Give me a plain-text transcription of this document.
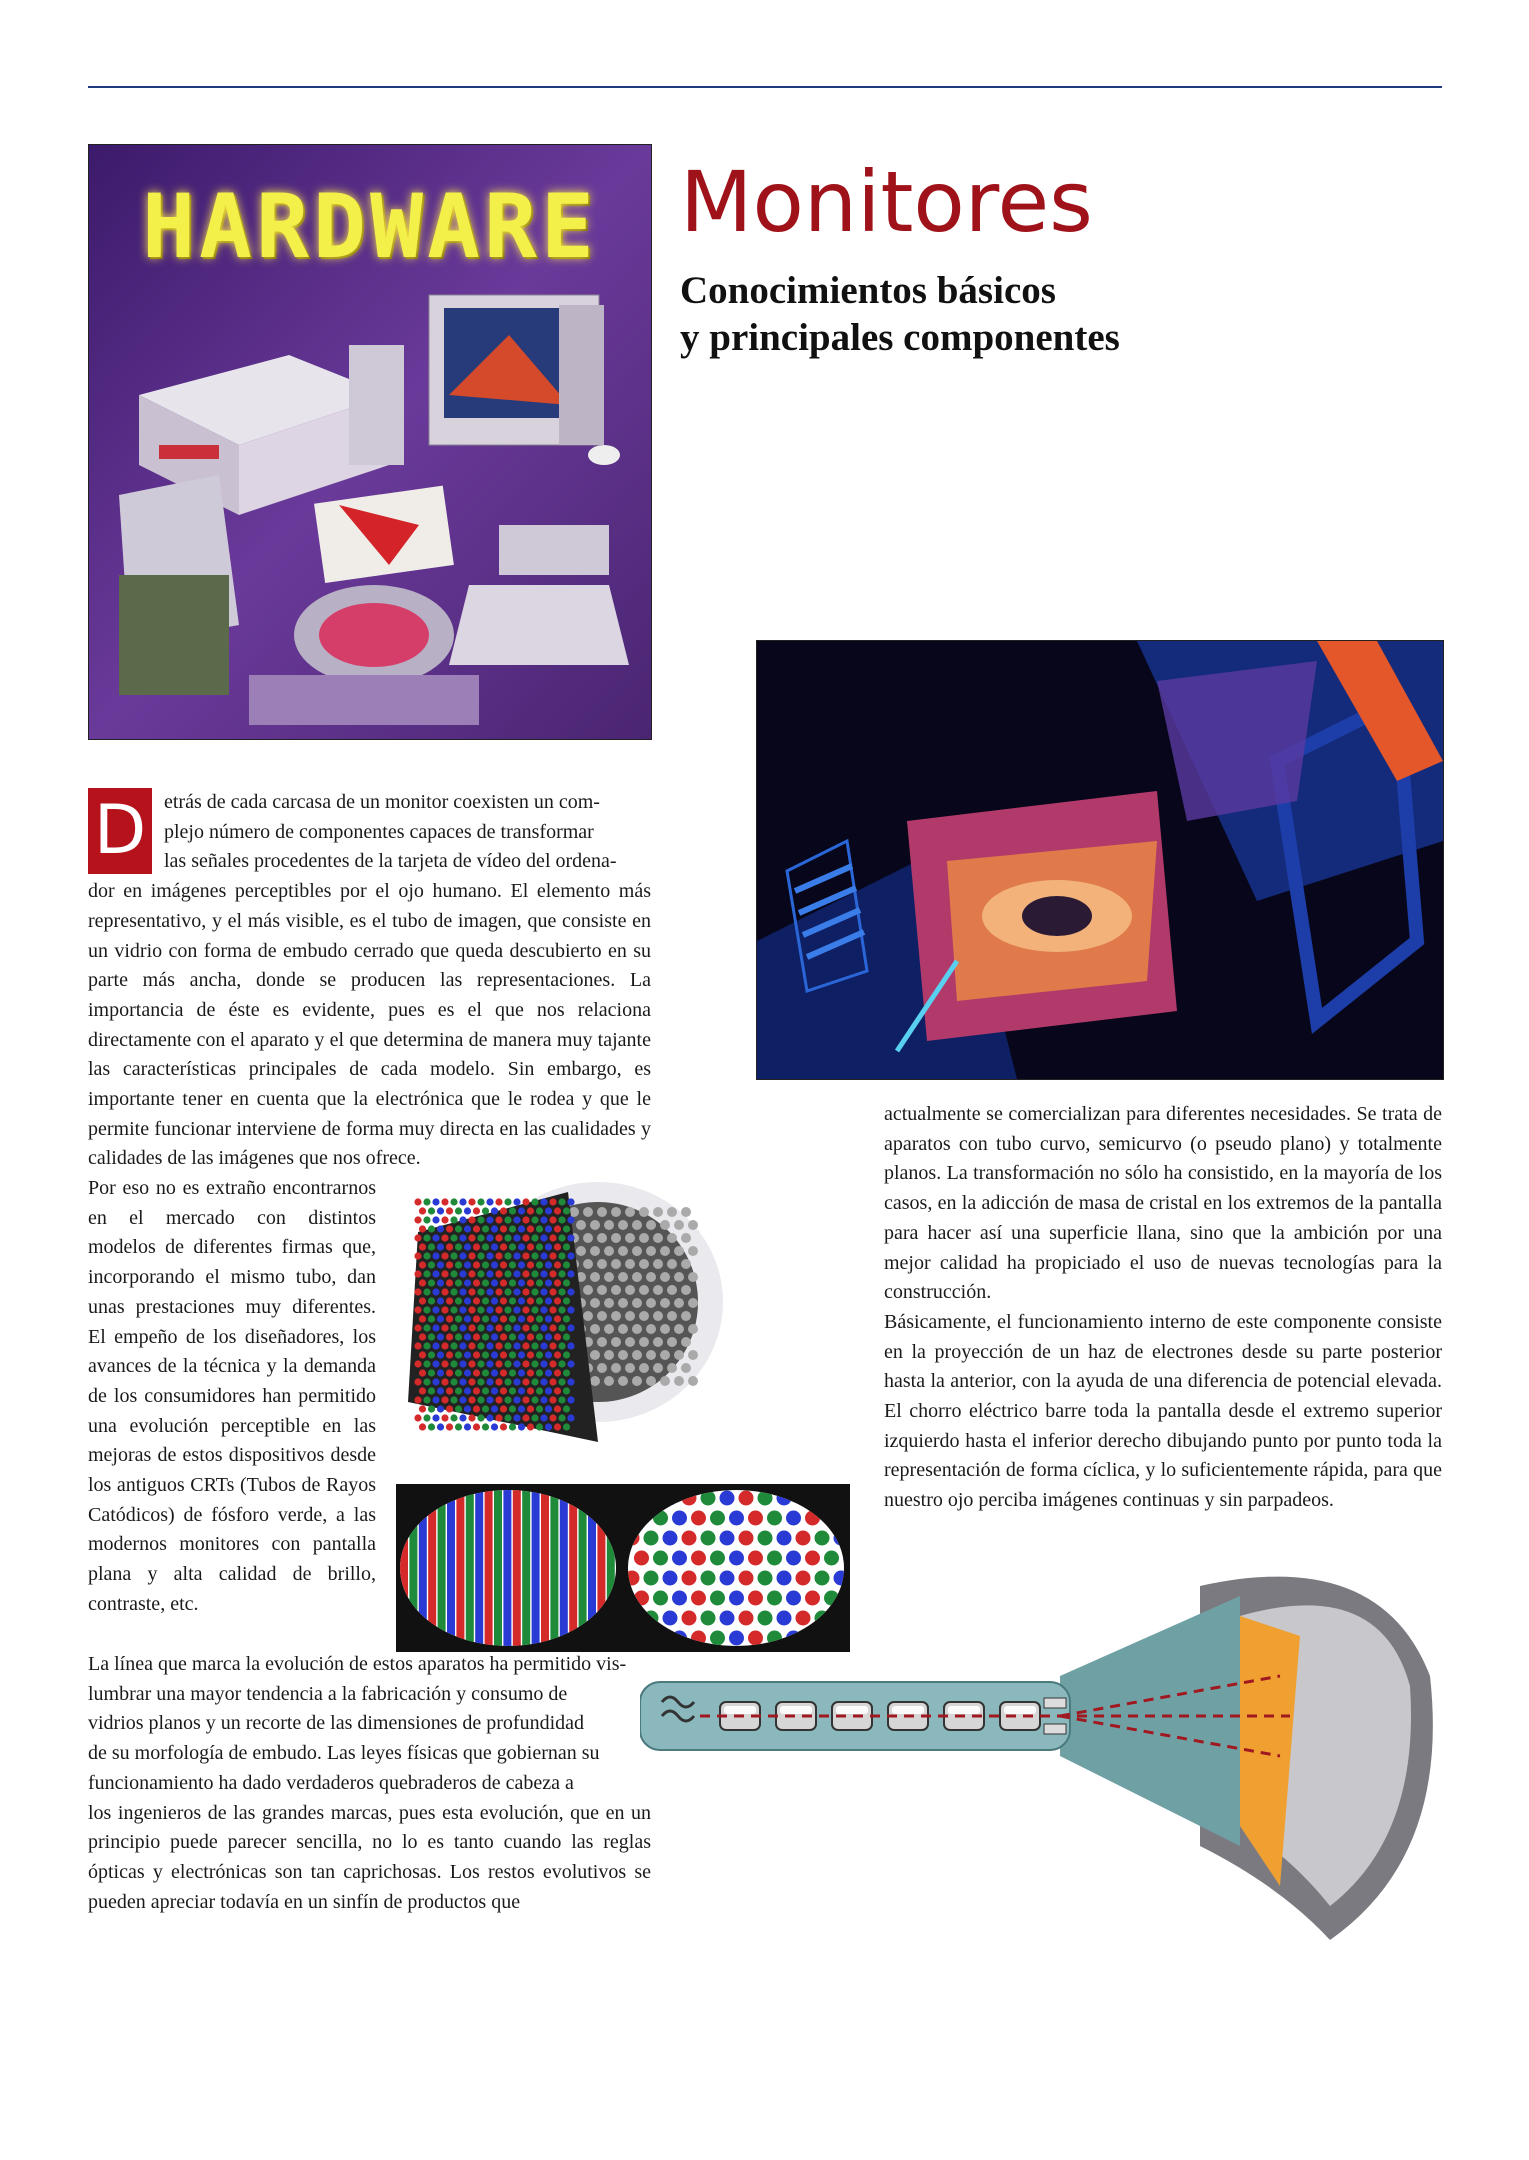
HARDWARE Monitores
Conocimientos básicos
y principales componentes
D etrás de cada carcasa de un monitor coexisten un com-
plejo número de componentes capaces de transformar
las señales procedentes de la tarjeta de vídeo del ordena-

dor en imágenes perceptibles por el ojo humano. El elemento más representativo, y el más visible, es el tubo de imagen, que consiste en un vidrio con forma de embudo cerrado que queda descubierto en su parte más ancha, donde se producen las representaciones. La importancia de éste es evidente, pues es el que nos relaciona directamente con el aparato y el que determina de manera muy tajante las características principales de cada modelo. Sin embargo, es importante tener en cuenta que la electrónica que le rodea y que le permite funcionar interviene de forma muy directa en las cualidades y calidades de las imágenes que nos ofrece.

Por eso no es extraño encontrarnos en el mercado con distintos modelos de diferentes firmas que, incorporando el mismo tubo, dan unas prestaciones muy diferentes. El empeño de los diseñadores, los avances de la técnica y la demanda de los consumidores han permitido una evolución perceptible en las mejoras de estos dispositivos desde los antiguos CRTs (Tubos de Rayos Catódicos) de fósforo verde, a las modernos monitores con pantalla plana y alta calidad de brillo, contraste, etc.

La línea que marca la evolución de estos aparatos ha permitido vis-
lumbrar una mayor tendencia a la fabricación y consumo de
vidrios planos y un recorte de las dimensiones de profundidad
de su morfología de embudo. Las leyes físicas que gobiernan su
funcionamiento ha dado verdaderos quebraderos de cabeza a

los ingenieros de las grandes marcas, pues esta evolución, que en un principio puede parecer sencilla, no lo es tanto cuando las reglas ópticas y electrónicas son tan caprichosas. Los restos evolutivos se pueden apreciar todavía en un sinfín de productos que

actualmente se comercializan para diferentes necesidades. Se trata de aparatos con tubo curvo, semicurvo (o pseudo plano) y totalmente planos. La transformación no sólo ha consistido, en la mayoría de los casos, en la adicción de masa de cristal en los extremos de la pantalla para hacer así una superficie llana, sino que la ambición por una mejor calidad ha propiciado el uso de nuevas tecnologías para la construcción.

Básicamente, el funcionamiento interno de este componente consiste en la proyección de un haz de electrones desde su parte posterior hasta la anterior, con la ayuda de una diferencia de potencial elevada. El chorro eléctrico barre toda la pantalla desde el extremo superior izquierdo hasta el inferior derecho dibujando punto por punto toda la representación de forma cíclica, y lo suficientemente rápida, para que nuestro ojo perciba imágenes continuas y sin parpadeos.
